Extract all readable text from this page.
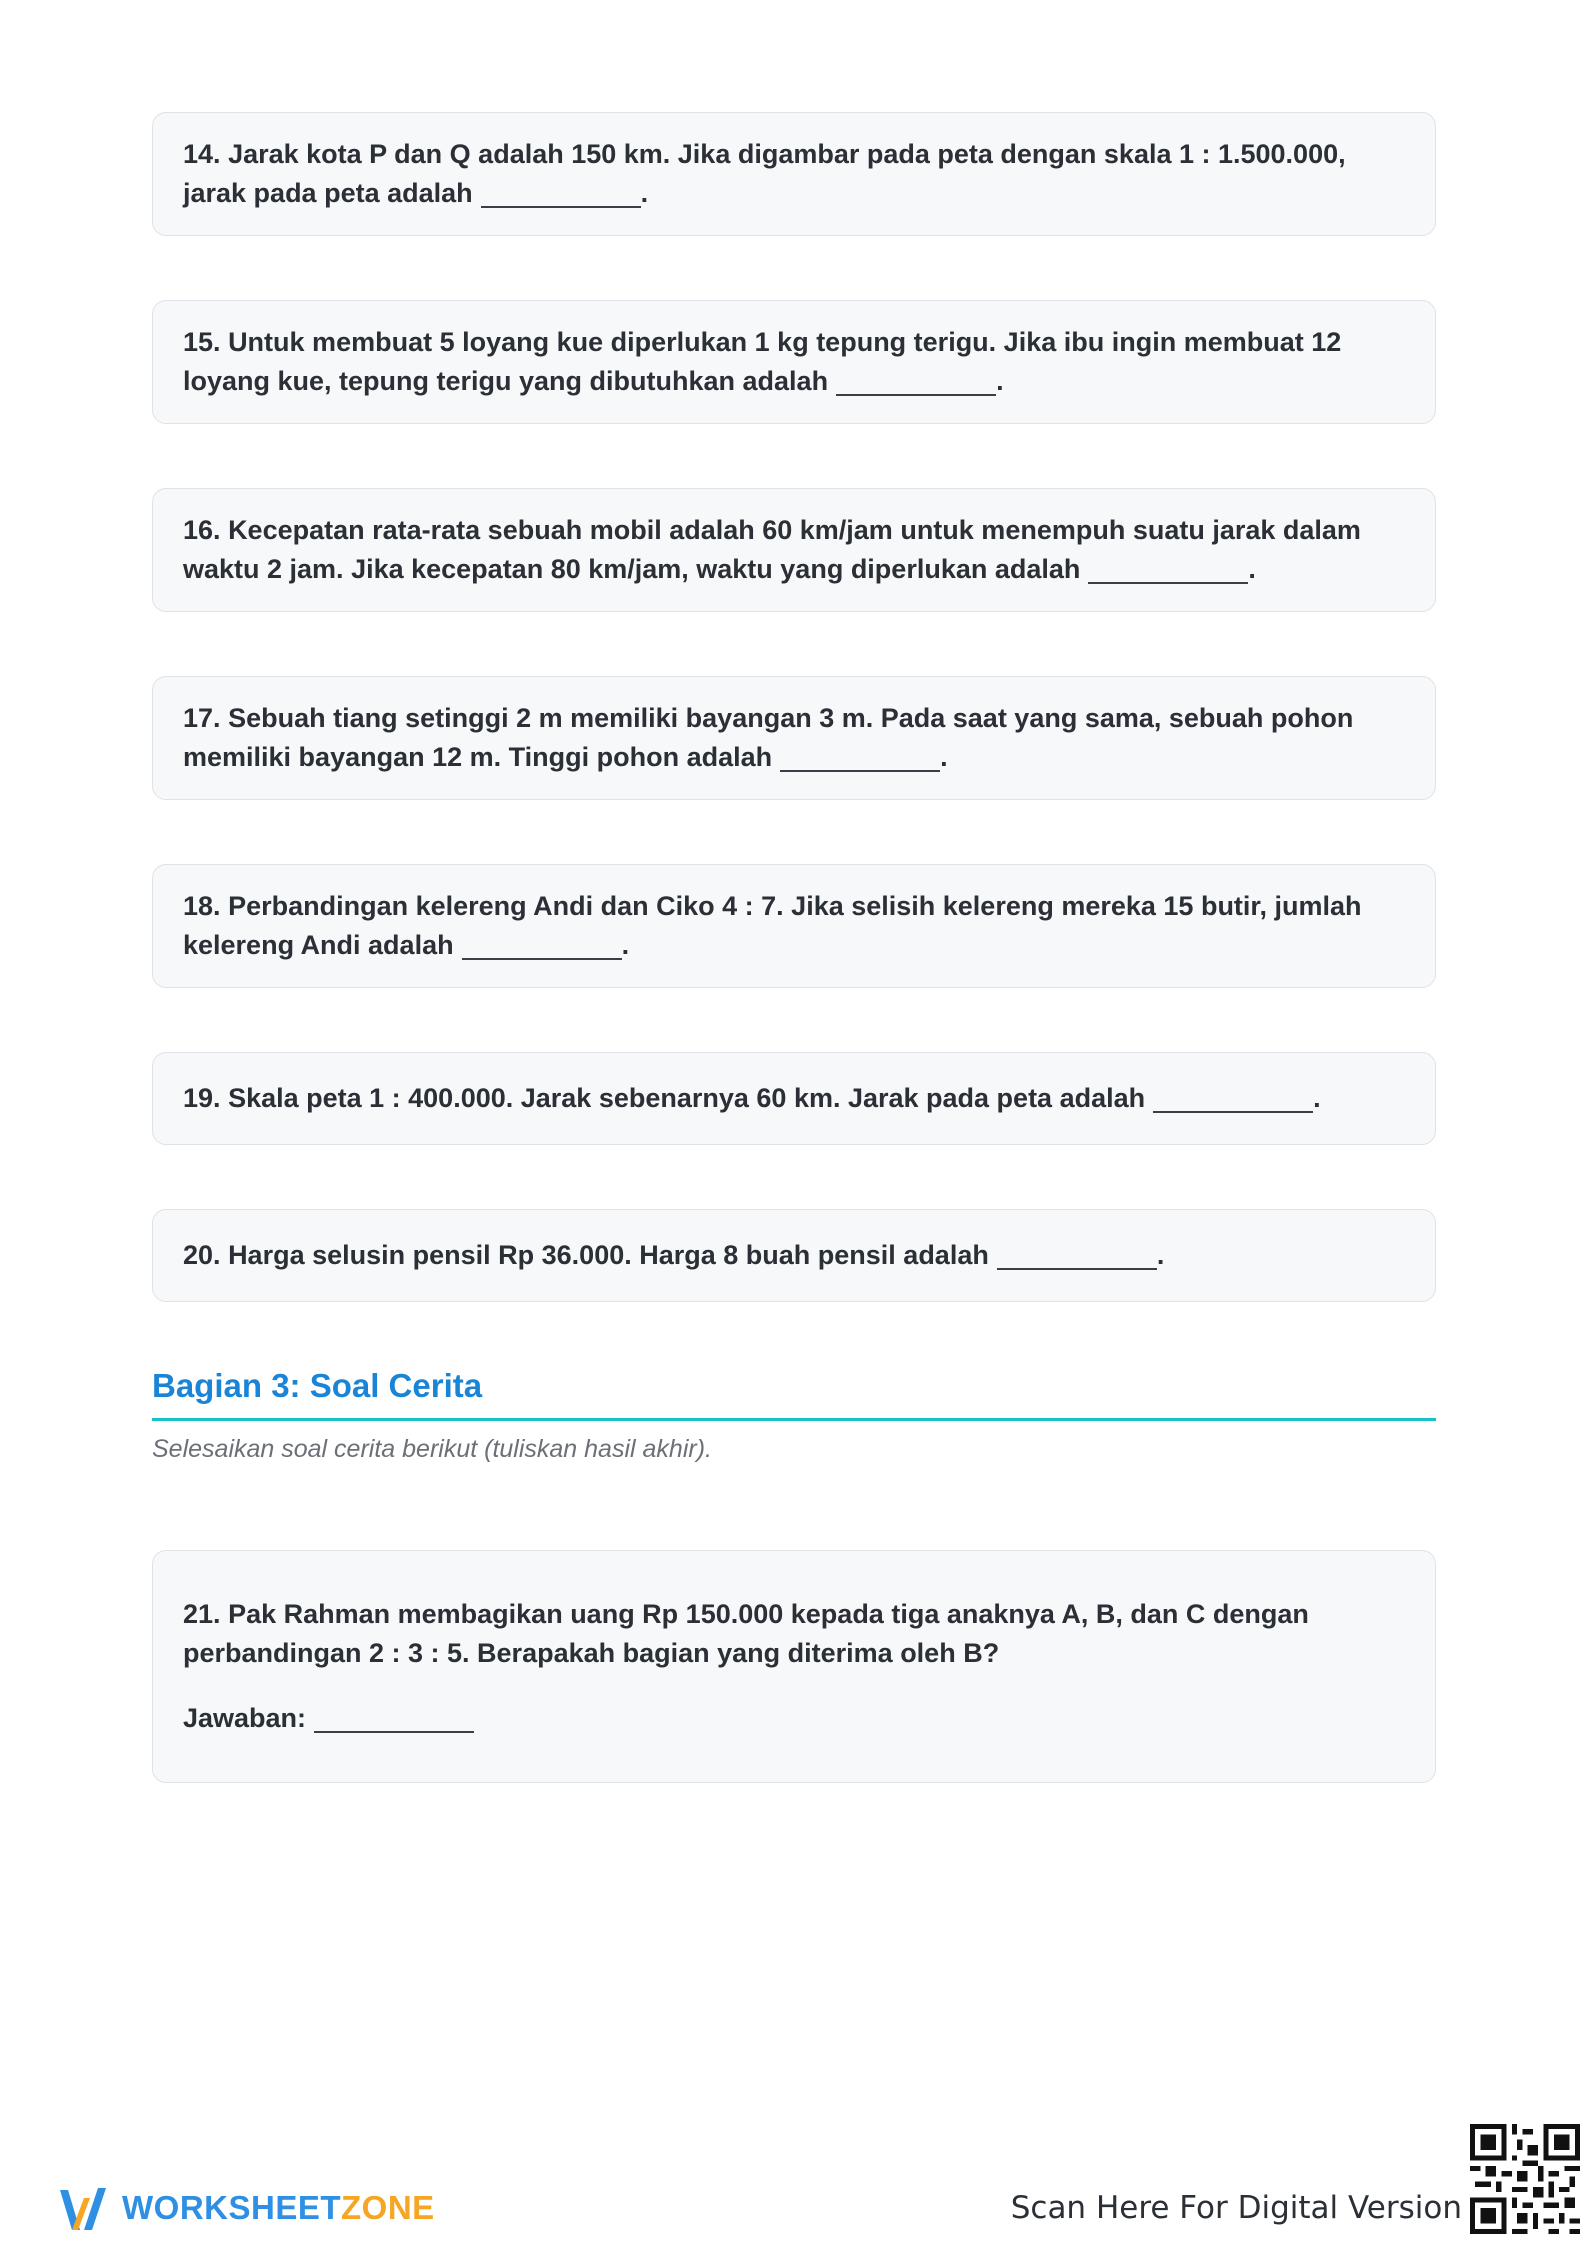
14. Jarak kota P dan Q adalah 150 km. Jika digambar pada peta dengan skala 1 : 1.500.000, jarak pada peta adalah	.
15. Untuk membuat 5 loyang kue diperlukan 1 kg tepung terigu. Jika ibu ingin membuat 12 loyang kue, tepung terigu yang dibutuhkan adalah	.
16. Kecepatan rata-rata sebuah mobil adalah 60 km/jam untuk menempuh suatu jarak dalam waktu 2 jam. Jika kecepatan 80 km/jam, waktu yang diperlukan adalah	.
17. Sebuah tiang setinggi 2 m memiliki bayangan 3 m. Pada saat yang sama, sebuah pohon memiliki bayangan 12 m. Tinggi pohon adalah	.
18. Perbandingan kelereng Andi dan Ciko 4 : 7. Jika selisih kelereng mereka 15 butir, jumlah kelereng Andi adalah	.
19. Skala peta 1 : 400.000. Jarak sebenarnya 60 km. Jarak pada peta adalah	.
20. Harga selusin pensil Rp 36.000. Harga 8 buah pensil adalah	.
Bagian 3: Soal Cerita
Selesaikan soal cerita berikut (tuliskan hasil akhir).
21. Pak Rahman membagikan uang Rp 150.000 kepada tiga anaknya A, B, dan C dengan perbandingan 2 : 3 : 5. Berapakah bagian yang diterima oleh B?
Jawaban:
WORKSHEETZONE	Scan Here For Digital Version
